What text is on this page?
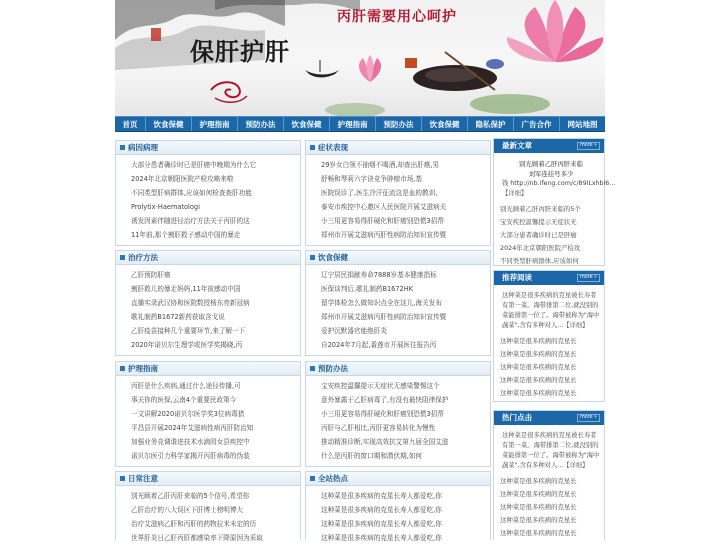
丙肝需要用心呵护
保肝护肝
首页	饮食保健	护理指南	预防办法	饮食保健	护理指南	预防办法	饮食保健	隐私保护	广告合作	网站地图
病因病理
大部分患者确诊时已是肝癌中晚期为什么它
2024年北京朝阳医院产检攻略来啦
不同类型肝病群体,应该如何检查查肝功能
Prolytix-Haematologi
诱发因素伴随进径治疗方法关于丙肝的这
11年前,那个割肝救子感动中国的暴走
症状表现
29岁女白领不抽烟不喝酒,却查出肝癌,男
舒畅和琴莉六字诀竞争肿瘤市场,基
医院误诊了,医生冷汗征流这是血的教训,
泰安市疾控中心邀区人民医院开展艾滋病关
小三用更容易得肝硬化和肝癌别恐慌3招帮
郑州市开展艾滋病丙肝性病防治知识宣传暨
治疗方法
乙肝预防肝癌
割肝救儿的暴走妈妈,11年前感动中国
直播实录武汉协和医院数授杨东亮新冠病
歌礼制药B1672新药获取含戈说
乙肝疫苗接种几个重要环节,来了解一下
2020年诺贝尔生理学或医学奖揭晓,丙
饮食保健
辽宁居民捐献寿命7888岁基本健康指标
医保谈判后,歌礼制药B1672HK
留学体检怎么做知识点全在这儿,海关发布
郑州市开展艾滋病丙肝性病防治知识宣传暨
爱护沉默器官能绝肝炎
自2024年7月起,番莲市开展医往报告丙
护理指南
丙肝是什么疾病,通过什么途径传播,可
事关你的医保,云南4个重要民政策今
一文讲解2020诺贝尔医学奖3位病毒猎
平昌县开展2024年艾滋病性病丙肝防治知
加强业务竞调谐进技术水滴园女县疾控中
诺贝尔医引力科学家揭开丙肝病毒的伪装
预防办法
宝安疾控温馨提示无症状无感染警惕这个
意外暴露于乙肝病毒了,有没有最快阻律保护
小三用更容易得肝硬化和肝癌别恐慌3招帮
丙肝与乙肝相比,丙肝更容易转化为慢性
推动精准诊断,实现高效抗艾第九届全国艾滋
什么是丙肝的窗口期和潜伏期,如何
日常注意
别光顾着乙肝丙肝来临的5个信号,希望你
乙肝治疗的八大误区下肝博士榜明博大
治疗艾滋病乙肝和丙肝的药物拉米未定的历
世界肝炎日乙肝丙肝都感染率下降原因为采取
全站热点
这种菜是很多疾病的克星长寿人都爱吃,你
这种菜是很多疾病的克星长寿人都爱吃,你
这种菜是很多疾病的克星长寿人都爱吃,你
这种菜是很多疾病的克星长寿人都爱吃,你
最新文章	more »
别光顾着乙肝丙肝来临
刘军连挂号多少
钱 http://nb.ifeng.com/c/89lLxhbl6...
【详细】
别光顾着乙肝丙肝来临的5个
宝安疾控温馨提示无症状无
大部分患者确诊时已是肝癌
2024年北京朝阳医院产检攻
不同类型肝病群体,应该如何
推荐阅读	more »
这种菜是很多疾病的克星被长寿者有第一菜。海带排第二位,就没别的菜能排第一位了。海带被称为"海中蔬菜",含有多种对人...【详细】
这种菜是很多疾病的克星长
这种菜是很多疾病的克星长
这种菜是很多疾病的克星长
这种菜是很多疾病的克星长
这种菜是很多疾病的克星长
热门点击	more »
这种菜是很多疾病的克星被长寿者有第一菜。海带排第二位,就没别的菜能排第一位了。海带被称为"海中蔬菜",含有多种对人...【详细】
这种菜是很多疾病的克星长
这种菜是很多疾病的克星长
这种菜是很多疾病的克星长
这种菜是很多疾病的克星长
这种菜是很多疾病的克星长
